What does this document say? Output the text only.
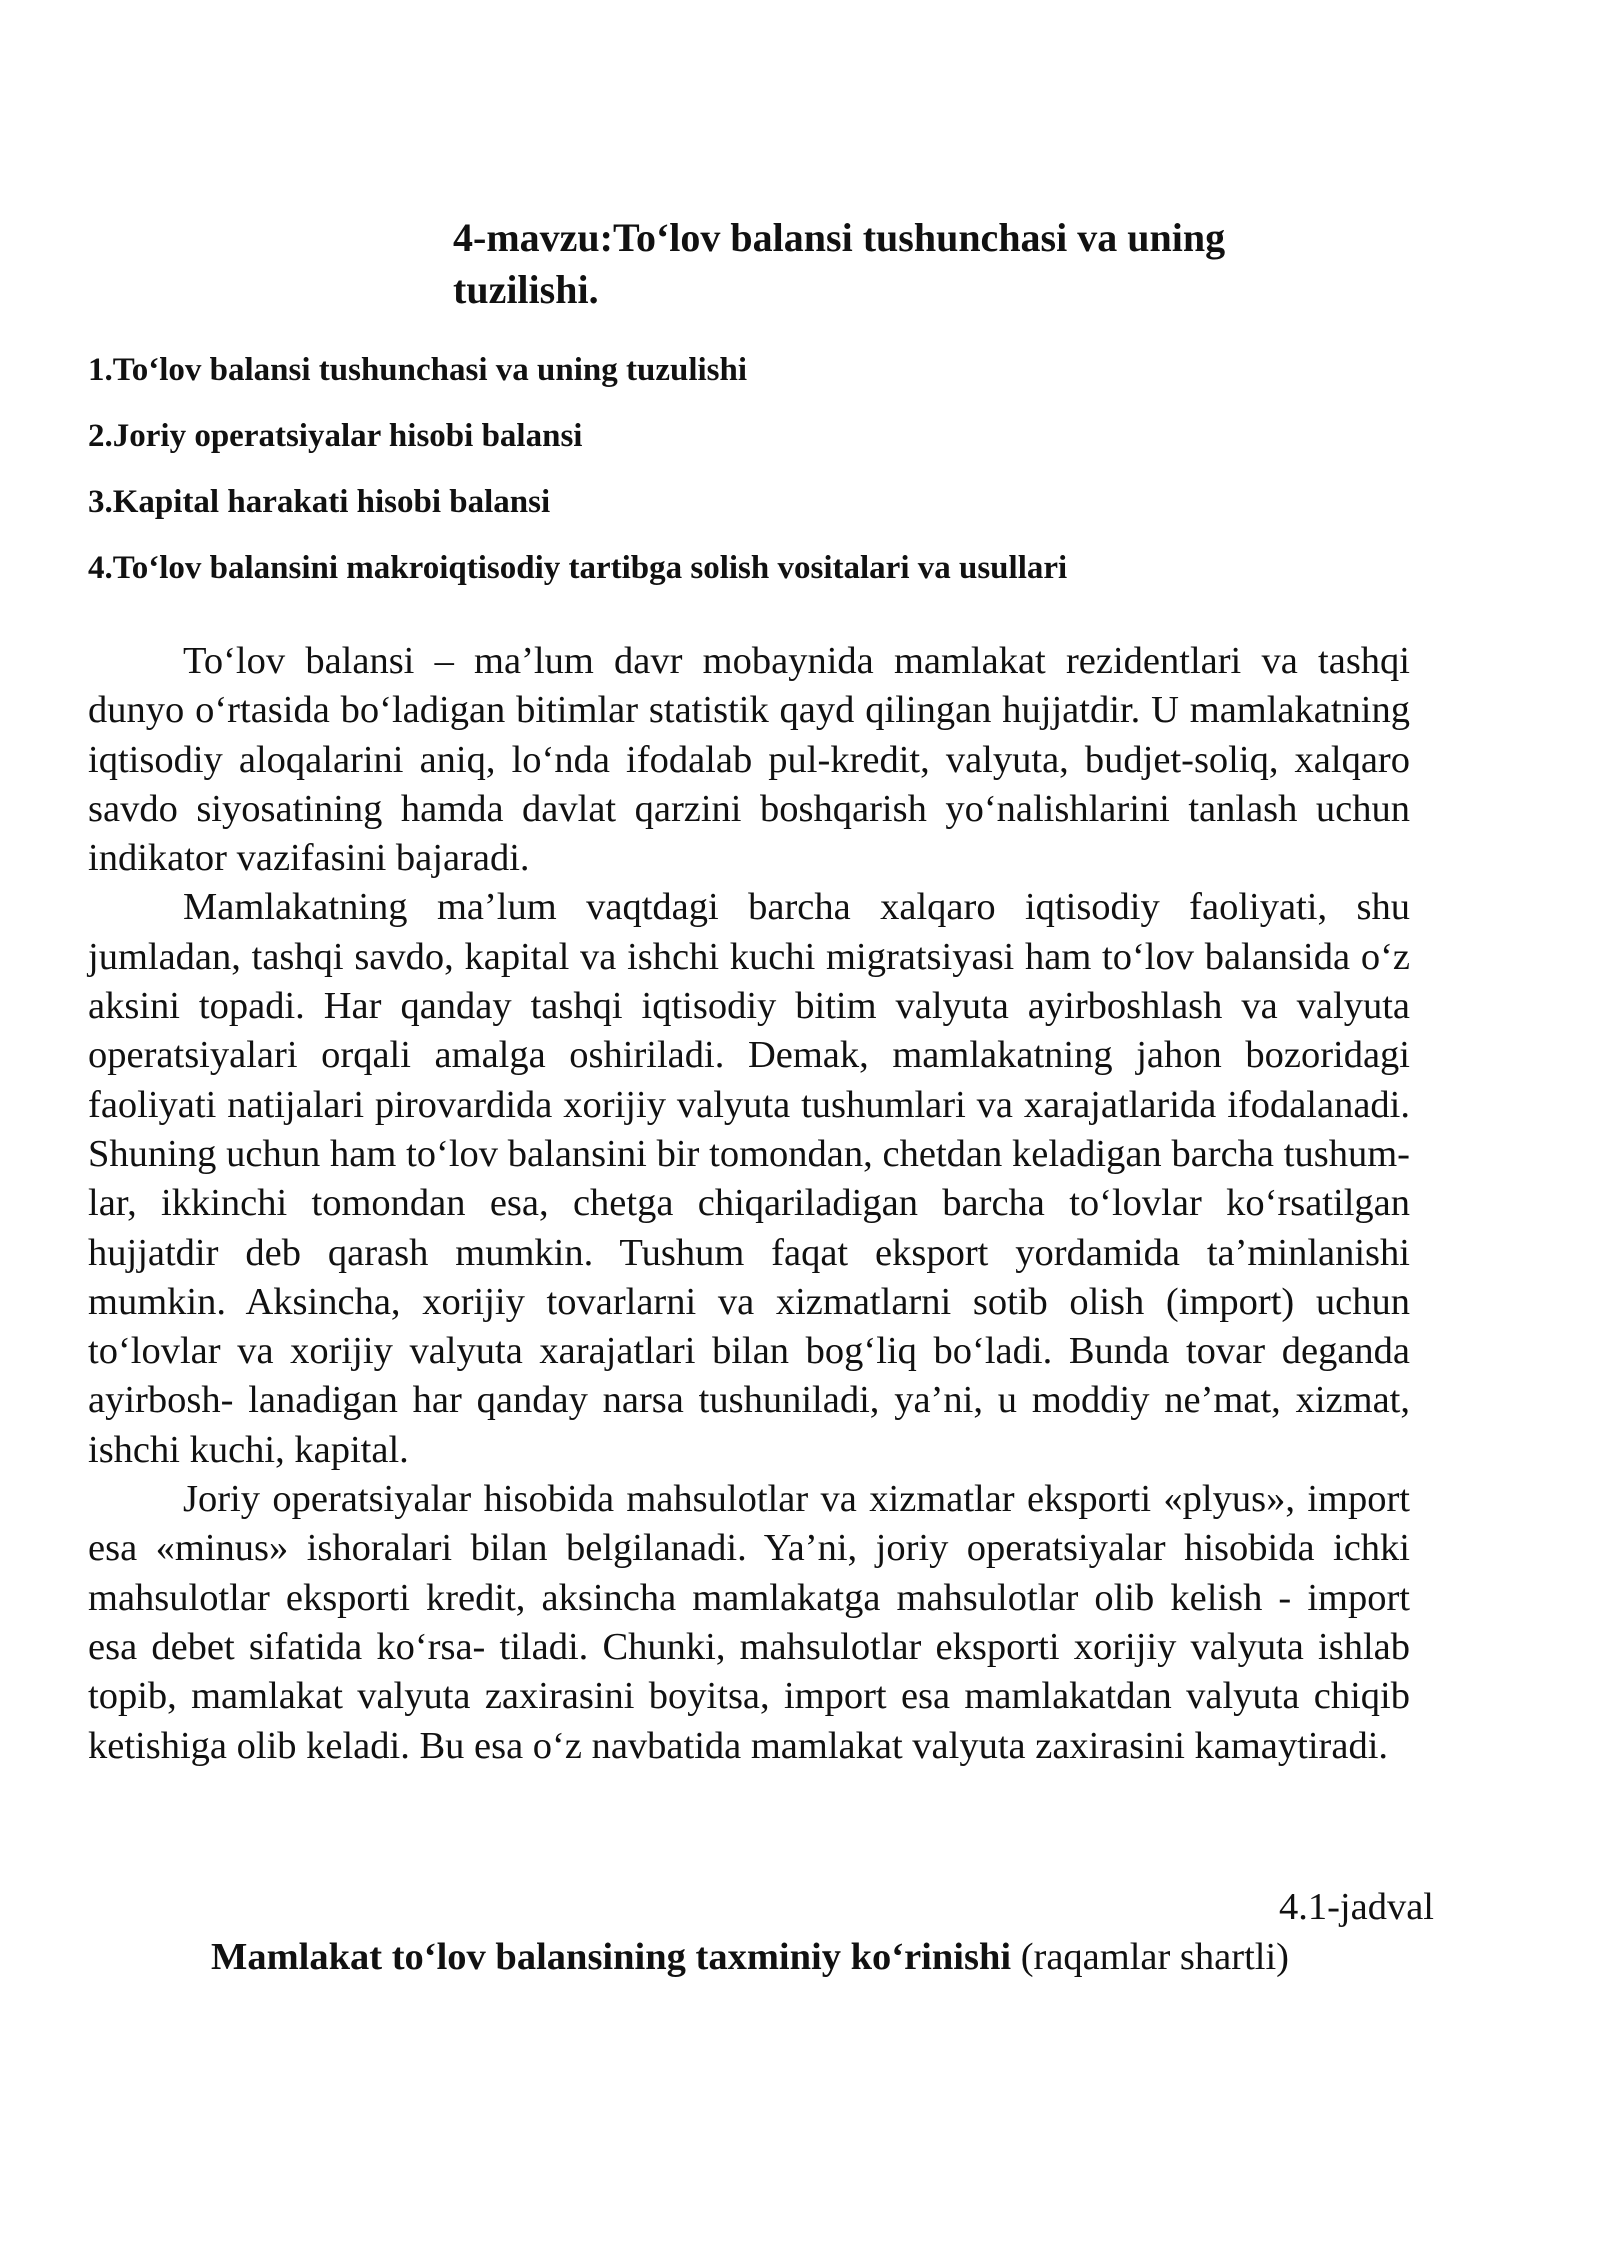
4-mavzu:To‘lov balansi tushunchasi va uning tuzilishi.
1.To‘lov balansi tushunchasi va uning tuzulishi
2.Joriy operatsiyalar hisobi balansi
3.Kapital harakati hisobi balansi
4.To‘lov balansini makroiqtisodiy tartibga solish vositalari va usullari

To‘lov balansi – ma’lum davr mobaynida mamlakat rezidentlari va tashqi dunyo o‘rtasida bo‘ladigan bitimlar statistik qayd qilingan hujjatdir. U mamlakatning iqtisodiy aloqalarini aniq, lo‘nda ifodalab pul-kredit, valyuta, budjet-soliq, xalqaro savdo siyosatining hamda davlat qarzini boshqarish yo‘nalishlarini tanlash uchun indikator vazifasini bajaradi.

Mamlakatning ma’lum vaqtdagi barcha xalqaro iqtisodiy faoliyati, shu jumladan, tashqi savdo, kapital va ishchi kuchi migratsiyasi ham to‘lov balansida o‘z aksini topadi. Har qanday tashqi iqtisodiy bitim valyuta ayirboshlash va valyuta operatsiyalari orqali amalga oshiriladi. Demak, mamlakatning jahon bozoridagi faoliyati natijalari pirovardida xorijiy valyuta tushumlari va xarajatlarida ifodalanadi. Shuning uchun ham to‘lov balansini bir tomondan, chetdan keladigan barcha tushum- lar, ikkinchi tomondan esa, chetga chiqariladigan barcha to‘lovlar ko‘rsatilgan hujjatdir deb qarash mumkin. Tushum faqat eksport yordamida ta’minlanishi mumkin. Aksincha, xorijiy tovarlarni va xizmatlarni sotib olish (import) uchun to‘lovlar va xorijiy valyuta xarajatlari bilan bog‘liq bo‘ladi. Bunda tovar deganda ayirbosh- lanadigan har qanday narsa tushuniladi, ya’ni, u moddiy ne’mat, xizmat, ishchi kuchi, kapital.

Joriy operatsiyalar hisobida mahsulotlar va xizmatlar eksporti «plyus», import esa «minus» ishoralari bilan belgilanadi. Ya’ni, joriy operatsiyalar hisobida ichki mahsulotlar eksporti kredit, aksincha mamlakatga mahsulotlar olib kelish - import esa debet sifatida ko‘rsa- tiladi. Chunki, mahsulotlar eksporti xorijiy valyuta ishlab topib, mamlakat valyuta zaxirasini boyitsa, import esa mamlakatdan valyuta chiqib ketishiga olib keladi. Bu esa o‘z navbatida mamlakat valyuta zaxirasini kamaytiradi.

4.1-jadval

Mamlakat to‘lov balansining taxminiy ko‘rinishi (raqamlar shartli)
